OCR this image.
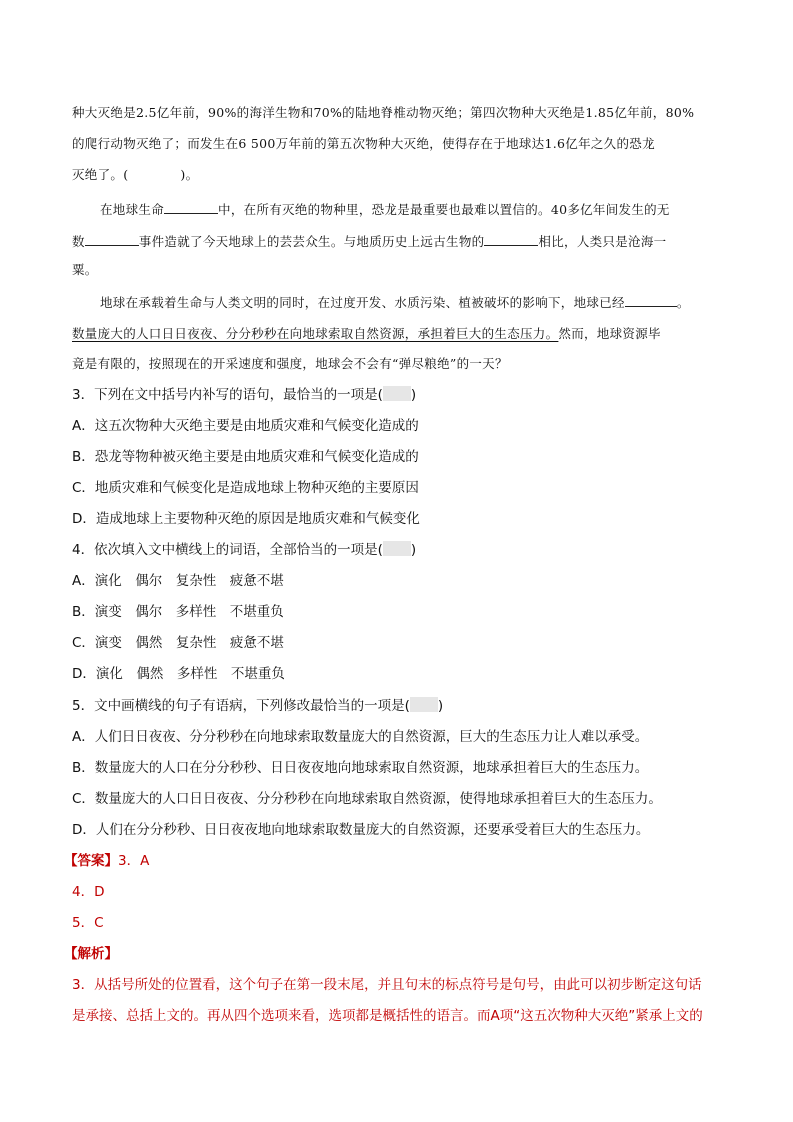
种大灭绝是2.5亿年前，90%的海洋生物和70%的陆地脊椎动物灭绝；第四次物种大灭绝是1.85亿年前，80%
的爬行动物灭绝了；而发生在6 500万年前的第五次物种大灭绝，使得存在于地球达1.6亿年之久的恐龙
灭绝了。(	)。
在地球生命	中，在所有灭绝的物种里，恐龙是最重要也最难以置信的。40多亿年间发生的无
数	事件造就了今天地球上的芸芸众生。与地质历史上远古生物的	相比，人类只是沧海一
粟。
地球在承载着生命与人类文明的同时，在过度开发、水质污染、植被破坏的影响下，地球已经	。
数量庞大的人口日日夜夜、分分秒秒在向地球索取自然资源，承担着巨大的生态压力。然而，地球资源毕
竟是有限的，按照现在的开采速度和强度，地球会不会有“弹尽粮绝”的一天？
3．下列在文中括号内补写的语句，最恰当的一项是( )
A．这五次物种大灭绝主要是由地质灾难和气候变化造成的
B．恐龙等物种被灭绝主要是由地质灾难和气候变化造成的
C．地质灾难和气候变化是造成地球上物种灭绝的主要原因
D．造成地球上主要物种灭绝的原因是地质灾难和气候变化
4．依次填入文中横线上的词语，全部恰当的一项是( )
A．演化　偶尔　复杂性　疲惫不堪
B．演变　偶尔　多样性　不堪重负
C．演变　偶然　复杂性　疲惫不堪
D．演化　偶然　多样性　不堪重负
5．文中画横线的句子有语病，下列修改最恰当的一项是( )
A．人们日日夜夜、分分秒秒在向地球索取数量庞大的自然资源，巨大的生态压力让人难以承受。
B．数量庞大的人口在分分秒秒、日日夜夜地向地球索取自然资源，地球承担着巨大的生态压力。
C．数量庞大的人口日日夜夜、分分秒秒在向地球索取自然资源，使得地球承担着巨大的生态压力。
D．人们在分分秒秒、日日夜夜地向地球索取数量庞大的自然资源，还要承受着巨大的生态压力。
【答案】3．A
4．D
5．C
【解析】
3．从括号所处的位置看，这个句子在第一段末尾，并且句末的标点符号是句号，由此可以初步断定这句话
是承接、总括上文的。再从四个选项来看，选项都是概括性的语言。而A项“这五次物种大灭绝”紧承上文的
